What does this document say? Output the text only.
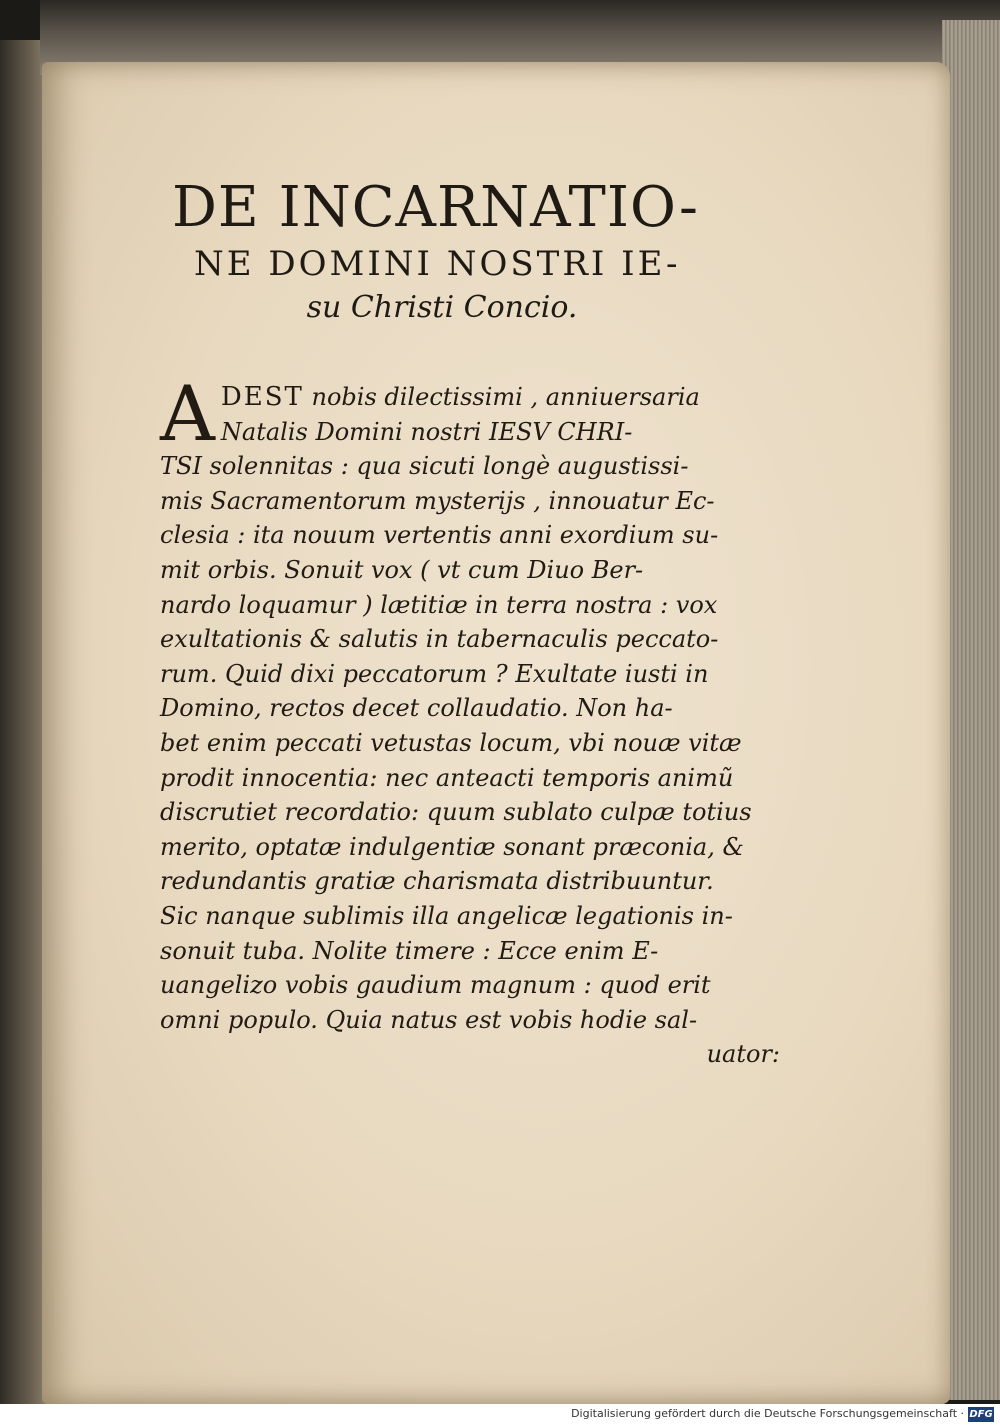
DE INCARNATIO-
NE DOMINI NOSTRI IE-
su Christi Concio.
A DEST nobis dilectissimi , anniuersaria
Natalis Domini nostri IESV CHRI-
TSI solennitas : qua sicuti longè augustissi-
mis Sacramentorum mysterijs , innouatur Ec-
clesia : ita nouum vertentis anni exordium su-
mit orbis. Sonuit vox ( vt cum Diuo Ber-
nardo loquamur ) lætitiæ in terra nostra : vox
exultationis & salutis in tabernaculis peccato-
rum. Quid dixi peccatorum ? Exultate iusti in
Domino, rectos decet collaudatio. Non ha-
bet enim peccati vetustas locum, vbi nouæ vitæ
prodit innocentia: nec anteacti temporis animũ
discrutiet recordatio: quum sublato culpæ totius
merito, optatæ indulgentiæ sonant præconia, &
redundantis gratiæ charismata distribuuntur.
Sic nanque sublimis illa angelicæ legationis in-
sonuit tuba. Nolite timere : Ecce enim E-
uangelizo vobis gaudium magnum : quod erit
omni populo. Quia natus est vobis hodie sal-
uator:
Digitalisierung gefördert durch die Deutsche Forschungsgemeinschaft · DFG
